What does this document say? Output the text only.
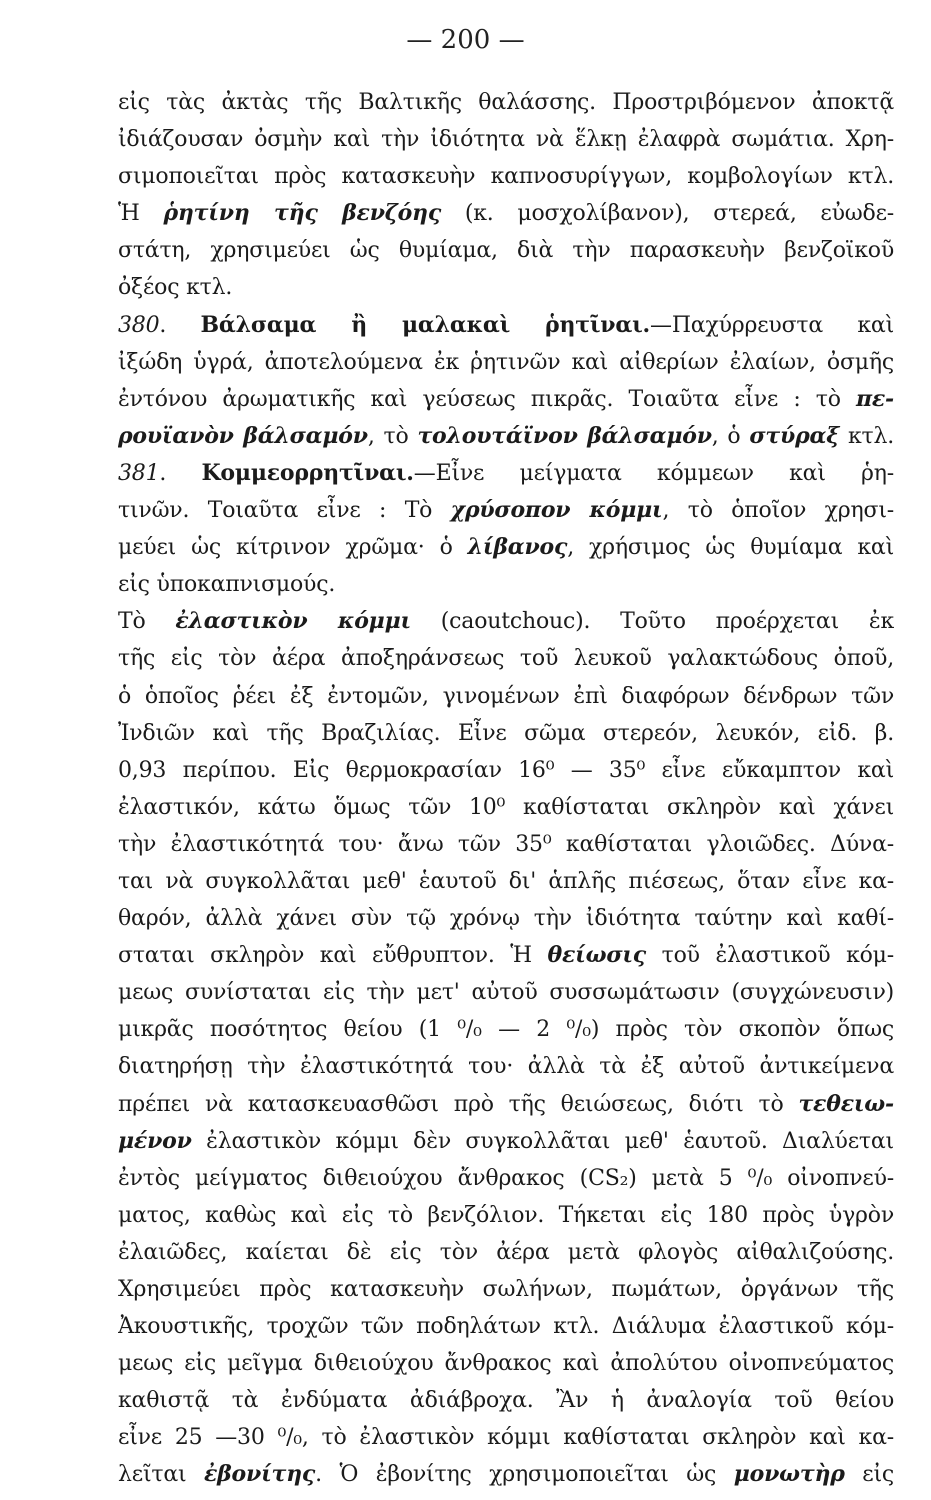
— 200 —
εἰς τὰς ἀκτὰς τῆς Βαλτικῆς θαλάσσης. Προστριβόμενον ἀποκτᾷ
ἰδιάζουσαν ὀσμὴν καὶ τὴν ἰδιότητα νὰ ἕλκῃ ἐλαφρὰ σωμάτια. Χρη-
σιμοποιεῖται πρὸς κατασκευὴν καπνοσυρίγγων, κομβολογίων κτλ.
Ἡ ῥητίνη τῆς βενζόης (κ. μοσχολίβανον), στερεά, εὐωδε-
στάτη, χρησιμεύει ὡς θυμίαμα, διὰ τὴν παρασκευὴν βενζοϊκοῦ
ὀξέος κτλ.
380. Βάλσαμα ἢ μαλακαὶ ῥητῖναι.—Παχύρρευστα καὶ
ἰξώδη ὑγρά, ἀποτελούμενα ἐκ ῥητινῶν καὶ αἰθερίων ἐλαίων, ὀσμῆς
ἐντόνου ἀρωματικῆς καὶ γεύσεως πικρᾶς. Τοιαῦτα εἶνε : τὸ πε-
ρουϊανὸν βάλσαμόν, τὸ τολουτάϊνον βάλσαμόν, ὁ στύραξ κτλ.
381. Κομμεορρητῖναι.—Εἶνε μείγματα κόμμεων καὶ ῥη-
τινῶν. Τοιαῦτα εἶνε : Τὸ χρύσοπον κόμμι, τὸ ὁποῖον χρησι-
μεύει ὡς κίτρινον χρῶμα· ὁ λίβανος, χρήσιμος ὡς θυμίαμα καὶ
εἰς ὑποκαπνισμούς.
Τὸ ἐλαστικὸν κόμμι (caoutchouc). Τοῦτο προέρχεται ἐκ
τῆς εἰς τὸν ἀέρα ἀποξηράνσεως τοῦ λευκοῦ γαλακτώδους ὀποῦ,
ὁ ὁποῖος ῥέει ἐξ ἐντομῶν, γινομένων ἐπὶ διαφόρων δένδρων τῶν
Ἰνδιῶν καὶ τῆς Βραζιλίας. Εἶνε σῶμα στερεόν, λευκόν, εἰδ. β.
0,93 περίπου. Εἰς θερμοκρασίαν 16⁰ — 35⁰ εἶνε εὔκαμπτον καὶ
ἐλαστικόν, κάτω ὅμως τῶν 10⁰ καθίσταται σκληρὸν καὶ χάνει
τὴν ἐλαστικότητά του· ἄνω τῶν 35⁰ καθίσταται γλοιῶδες. Δύνα-
ται νὰ συγκολλᾶται μεθ' ἑαυτοῦ δι' ἁπλῆς πιέσεως, ὅταν εἶνε κα-
θαρόν, ἀλλὰ χάνει σὺν τῷ χρόνῳ τὴν ἰδιότητα ταύτην καὶ καθί-
σταται σκληρὸν καὶ εὔθρυπτον. Ἡ θείωσις τοῦ ἐλαστικοῦ κόμ-
μεως συνίσταται εἰς τὴν μετ' αὐτοῦ συσσωμάτωσιν (συγχώνευσιν)
μικρᾶς ποσότητος θείου (1 ⁰/₀ — 2 ⁰/₀) πρὸς τὸν σκοπὸν ὅπως
διατηρήσῃ τὴν ἐλαστικότητά του· ἀλλὰ τὰ ἐξ αὐτοῦ ἀντικείμενα
πρέπει νὰ κατασκευασθῶσι πρὸ τῆς θειώσεως, διότι τὸ τεθειω-
μένον ἐλαστικὸν κόμμι δὲν συγκολλᾶται μεθ' ἑαυτοῦ. Διαλύεται
ἐντὸς μείγματος διθειούχου ἄνθρακος (CS₂) μετὰ 5 ⁰/₀ οἰνοπνεύ-
ματος, καθὼς καὶ εἰς τὸ βενζόλιον. Τήκεται εἰς 180 πρὸς ὑγρὸν
ἐλαιῶδες, καίεται δὲ εἰς τὸν ἀέρα μετὰ φλογὸς αἰθαλιζούσης.
Χρησιμεύει πρὸς κατασκευὴν σωλήνων, πωμάτων, ὀργάνων τῆς
Ἀκουστικῆς, τροχῶν τῶν ποδηλάτων κτλ. Διάλυμα ἐλαστικοῦ κόμ-
μεως εἰς μεῖγμα διθειούχου ἄνθρακος καὶ ἀπολύτου οἰνοπνεύματος
καθιστᾷ τὰ ἐνδύματα ἀδιάβροχα. Ἂν ἡ ἀναλογία τοῦ θείου
εἶνε 25 —30 ⁰/₀, τὸ ἐλαστικὸν κόμμι καθίσταται σκληρὸν καὶ κα-
λεῖται ἐβονίτης. Ὁ ἐβονίτης χρησιμοποιεῖται ὡς μονωτὴρ εἰς
